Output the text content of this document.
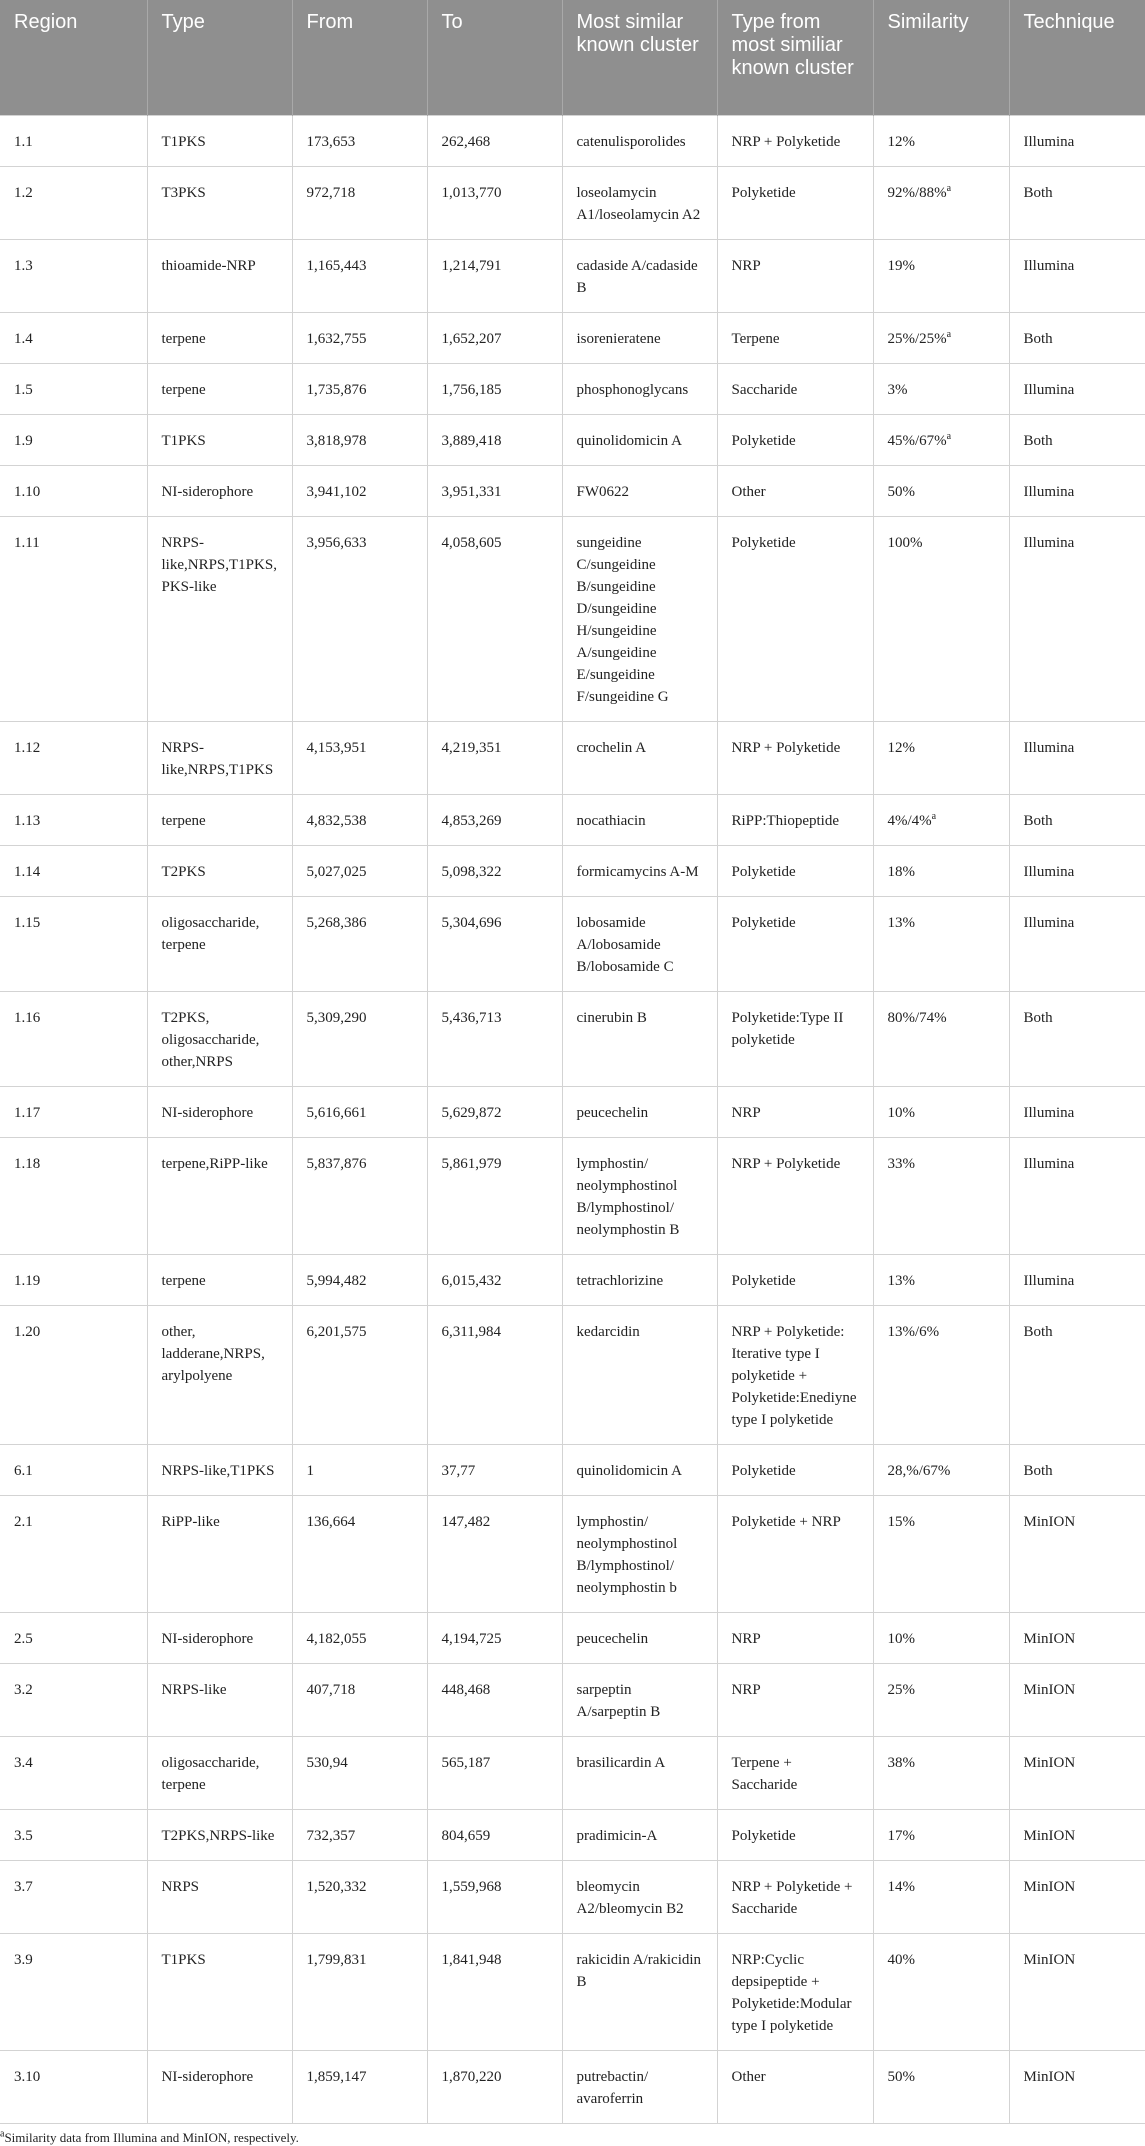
Region	Type	From	To	Most similar known cluster	Type from most similiar known cluster	Similarity	Technique
1.1	T1PKS	173,653	262,468	catenulisporolides	NRP + Polyketide	12%	Illumina
1.2	T3PKS	972,718	1,013,770	loseolamycin A1/loseolamycin A2	Polyketide	92%/88%$^a$	Both
1.3	thioamide-NRP	1,165,443	1,214,791	cadaside A/cadaside B	NRP	19%	Illumina
1.4	terpene	1,632,755	1,652,207	isorenieratene	Terpene	25%/25%$^a$	Both
1.5	terpene	1,735,876	1,756,185	phosphonoglycans	Saccharide	3%	Illumina
1.9	T1PKS	3,818,978	3,889,418	quinolidomicin A	Polyketide	45%/67%$^a$	Both
1.10	NI-siderophore	3,941,102	3,951,331	FW0622	Other	50%	Illumina
1.11	NRPS-like,NRPS,T1PKS, PKS-like	3,956,633	4,058,605	sungeidine C/sungeidine B/sungeidine D/sungeidine H/sungeidine A/sungeidine E/sungeidine F/sungeidine G	Polyketide	100%	Illumina
1.12	NRPS-like,NRPS,T1PKS	4,153,951	4,219,351	crochelin A	NRP + Polyketide	12%	Illumina
1.13	terpene	4,832,538	4,853,269	nocathiacin	RiPP:Thiopeptide	4%/4%$^a$	Both
1.14	T2PKS	5,027,025	5,098,322	formicamycins A-M	Polyketide	18%	Illumina
1.15	oligosaccharide, terpene	5,268,386	5,304,696	lobosamide A/lobosamide B/lobosamide C	Polyketide	13%	Illumina
1.16	T2PKS, oligosaccharide, other,NRPS	5,309,290	5,436,713	cinerubin B	Polyketide:Type II polyketide	80%/74%	Both
1.17	NI-siderophore	5,616,661	5,629,872	peucechelin	NRP	10%	Illumina
1.18	terpene,RiPP-like	5,837,876	5,861,979	lymphostin/ neolymphostinol B/lymphostinol/ neolymphostin B	NRP + Polyketide	33%	Illumina
1.19	terpene	5,994,482	6,015,432	tetrachlorizine	Polyketide	13%	Illumina
1.20	other, ladderane,NRPS, arylpolyene	6,201,575	6,311,984	kedarcidin	NRP + Polyketide: Iterative type I polyketide + Polyketide:Enediyne type I polyketide	13%/6%	Both
6.1	NRPS-like,T1PKS	1	37,77	quinolidomicin A	Polyketide	28,%/67%	Both
2.1	RiPP-like	136,664	147,482	lymphostin/ neolymphostinol B/lymphostinol/ neolymphostin b	Polyketide + NRP	15%	MinION
2.5	NI-siderophore	4,182,055	4,194,725	peucechelin	NRP	10%	MinION
3.2	NRPS-like	407,718	448,468	sarpeptin A/sarpeptin B	NRP	25%	MinION
3.4	oligosaccharide, terpene	530,94	565,187	brasilicardin A	Terpene + Saccharide	38%	MinION
3.5	T2PKS,NRPS-like	732,357	804,659	pradimicin-A	Polyketide	17%	MinION
3.7	NRPS	1,520,332	1,559,968	bleomycin A2/bleomycin B2	NRP + Polyketide + Saccharide	14%	MinION
3.9	T1PKS	1,799,831	1,841,948	rakicidin A/rakicidin B	NRP:Cyclic depsipeptide + Polyketide:Modular type I polyketide	40%	MinION
3.10	NI-siderophore	1,859,147	1,870,220	putrebactin/ avaroferrin	Other	50%	MinION
$^a$Similarity data from Illumina and MinION, respectively.
